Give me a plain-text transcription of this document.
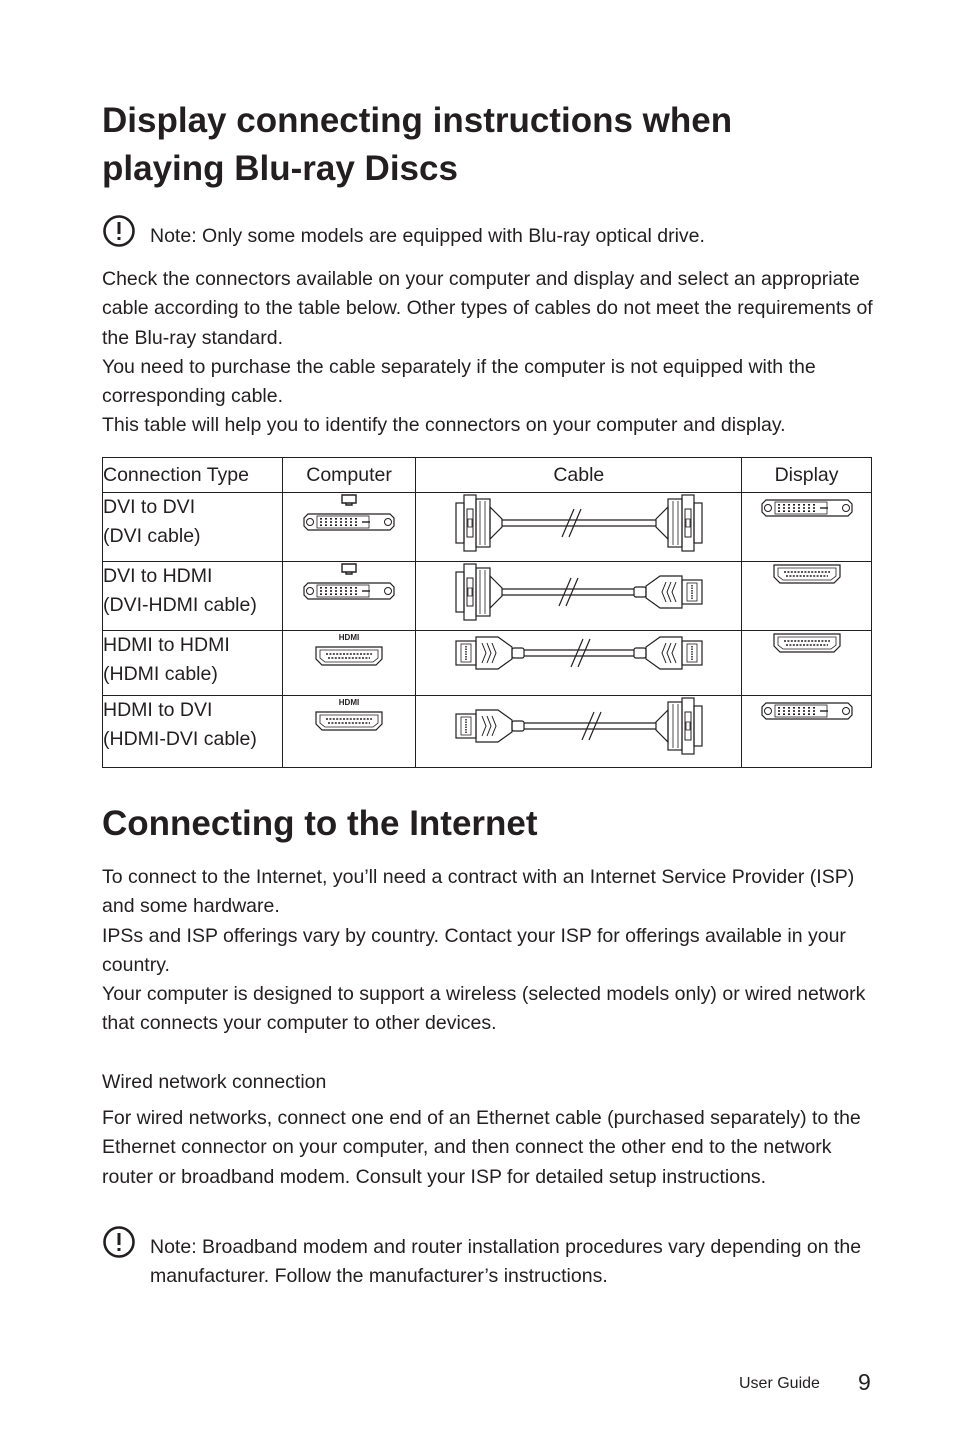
Display connecting instructions when
playing Blu-ray Discs

Note: Only some models are equipped with Blu-ray optical drive.

Check the connectors available on your computer and display and select an appropriate cable according to the table below. Other types of cables do not meet the requirements of the Blu-ray standard.

You need to purchase the cable separately if the computer is not equipped with the corresponding cable.

This table will help you to identify the connectors on your computer and display.

Connection Type	Computer	Cable	Display
DVI to DVI
(DVI cable)	

DVI to HDMI
(DVI-HDMI cable)	

HDMI to HDMI
(HDMI cable)	HDMI

HDMI to DVI
(HDMI-DVI cable)	HDMI

Connecting to the Internet

To connect to the Internet, you’ll need a contract with an Internet Service Provider (ISP) and some hardware.

IPSs and ISP offerings vary by country. Contact your ISP for offerings available in your country.

Your computer is designed to support a wireless (selected models only) or wired network that connects your computer to other devices.

Wired network connection

For wired networks, connect one end of an Ethernet cable (purchased separately) to the Ethernet connector on your computer, and then connect the other end to the network router or broadband modem. Consult your ISP for detailed setup instructions.

Note: Broadband modem and router installation procedures vary depending on the manufacturer. Follow the manufacturer’s instructions.

User Guide 9
